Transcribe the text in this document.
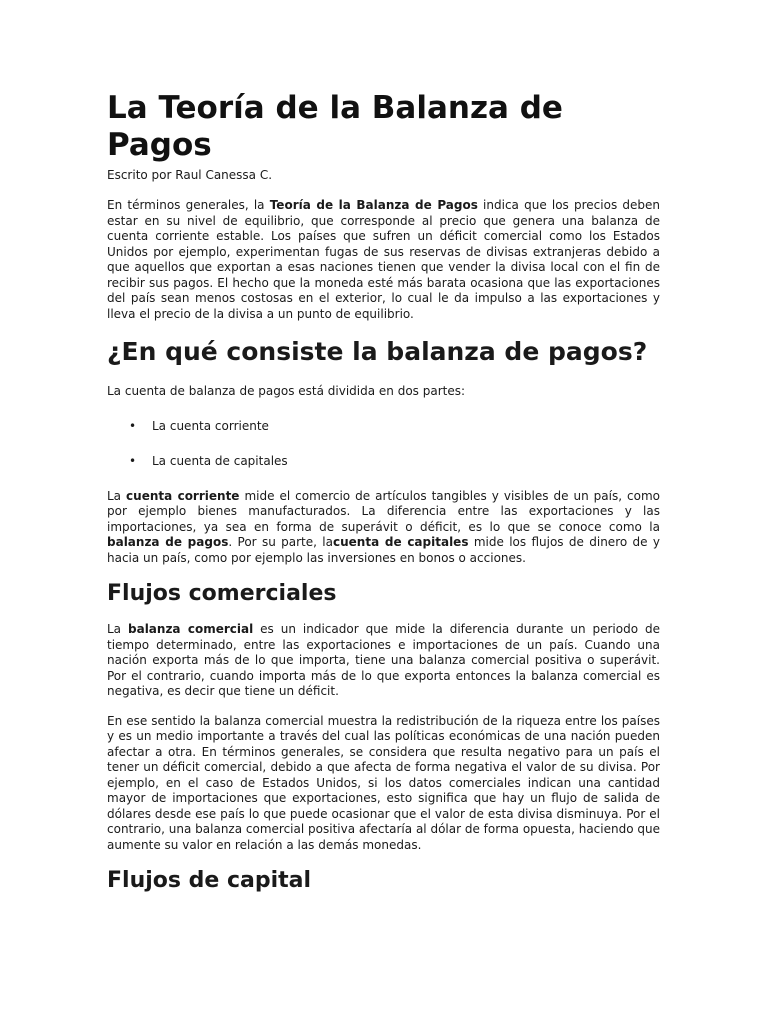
La Teoría de la Balanza de Pagos
Escrito por Raul Canessa C.

En términos generales, la Teoría de la Balanza de Pagos indica que los precios deben estar en su nivel de equilibrio, que corresponde al precio que genera una balanza de cuenta corriente estable. Los países que sufren un déficit comercial como los Estados Unidos por ejemplo, experimentan fugas de sus reservas de divisas extranjeras debido a que aquellos que exportan a esas naciones tienen que vender la divisa local con el fin de recibir sus pagos. El hecho que la moneda esté más barata ocasiona que las exportaciones del país sean menos costosas en el exterior, lo cual le da impulso a las exportaciones y lleva el precio de la divisa a un punto de equilibrio.

¿En qué consiste la balanza de pagos?

La cuenta de balanza de pagos está dividida en dos partes:

• La cuenta corriente
• La cuenta de capitales

La cuenta corriente mide el comercio de artículos tangibles y visibles de un país, como por ejemplo bienes manufacturados. La diferencia entre las exportaciones y las importaciones, ya sea en forma de superávit o déficit, es lo que se conoce como la balanza de pagos. Por su parte, lacuenta de capitales mide los flujos de dinero de y hacia un país, como por ejemplo las inversiones en bonos o acciones.

Flujos comerciales

La balanza comercial es un indicador que mide la diferencia durante un periodo de tiempo determinado, entre las exportaciones e importaciones de un país. Cuando una nación exporta más de lo que importa, tiene una balanza comercial positiva o superávit. Por el contrario, cuando importa más de lo que exporta entonces la balanza comercial es negativa, es decir que tiene un déficit.

En ese sentido la balanza comercial muestra la redistribución de la riqueza entre los países y es un medio importante a través del cual las políticas económicas de una nación pueden afectar a otra. En términos generales, se considera que resulta negativo para un país el tener un déficit comercial, debido a que afecta de forma negativa el valor de su divisa. Por ejemplo, en el caso de Estados Unidos, si los datos comerciales indican una cantidad mayor de importaciones que exportaciones, esto significa que hay un flujo de salida de dólares desde ese país lo que puede ocasionar que el valor de esta divisa disminuya. Por el contrario, una balanza comercial positiva afectaría al dólar de forma opuesta, haciendo que aumente su valor en relación a las demás monedas.

Flujos de capital
